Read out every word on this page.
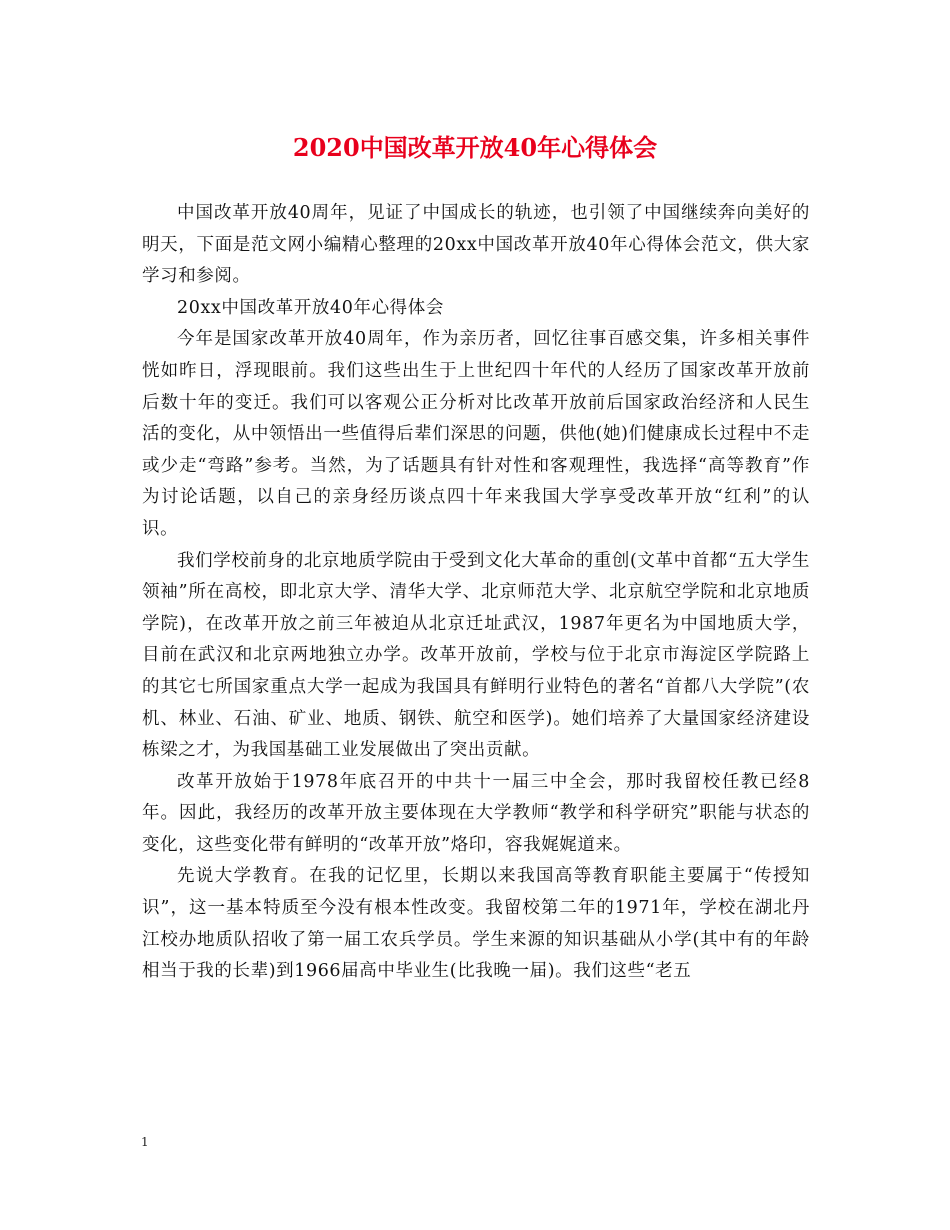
2020中国改革开放40年心得体会

中国改革开放40周年，见证了中国成长的轨迹，也引领了中国继续奔向美好的明天，下面是范文网小编精心整理的20xx中国改革开放40年心得体会范文，供大家学习和参阅。

20xx中国改革开放40年心得体会

今年是国家改革开放40周年，作为亲历者，回忆往事百感交集，许多相关事件恍如昨日，浮现眼前。我们这些出生于上世纪四十年代的人经历了国家改革开放前后数十年的变迁。我们可以客观公正分析对比改革开放前后国家政治经济和人民生活的变化，从中领悟出一些值得后辈们深思的问题，供他(她)们健康成长过程中不走或少走“弯路”参考。当然，为了话题具有针对性和客观理性，我选择“高等教育”作为讨论话题，以自己的亲身经历谈点四十年来我国大学享受改革开放“红利”的认识。

我们学校前身的北京地质学院由于受到文化大革命的重创(文革中首都“五大学生领袖”所在高校，即北京大学、清华大学、北京师范大学、北京航空学院和北京地质学院)，在改革开放之前三年被迫从北京迁址武汉，1987年更名为中国地质大学，目前在武汉和北京两地独立办学。改革开放前，学校与位于北京市海淀区学院路上的其它七所国家重点大学一起成为我国具有鲜明行业特色的著名“首都八大学院”(农机、林业、石油、矿业、地质、钢铁、航空和医学)。她们培养了大量国家经济建设栋梁之才，为我国基础工业发展做出了突出贡献。

改革开放始于1978年底召开的中共十一届三中全会，那时我留校任教已经8年。因此，我经历的改革开放主要体现在大学教师“教学和科学研究”职能与状态的变化，这些变化带有鲜明的“改革开放”烙印，容我娓娓道来。

先说大学教育。在我的记忆里，长期以来我国高等教育职能主要属于“传授知识”，这一基本特质至今没有根本性改变。我留校第二年的1971年，学校在湖北丹江校办地质队招收了第一届工农兵学员。学生来源的知识基础从小学(其中有的年龄相当于我的长辈)到1966届高中毕业生(比我晚一届)。我们这些“老五

1
